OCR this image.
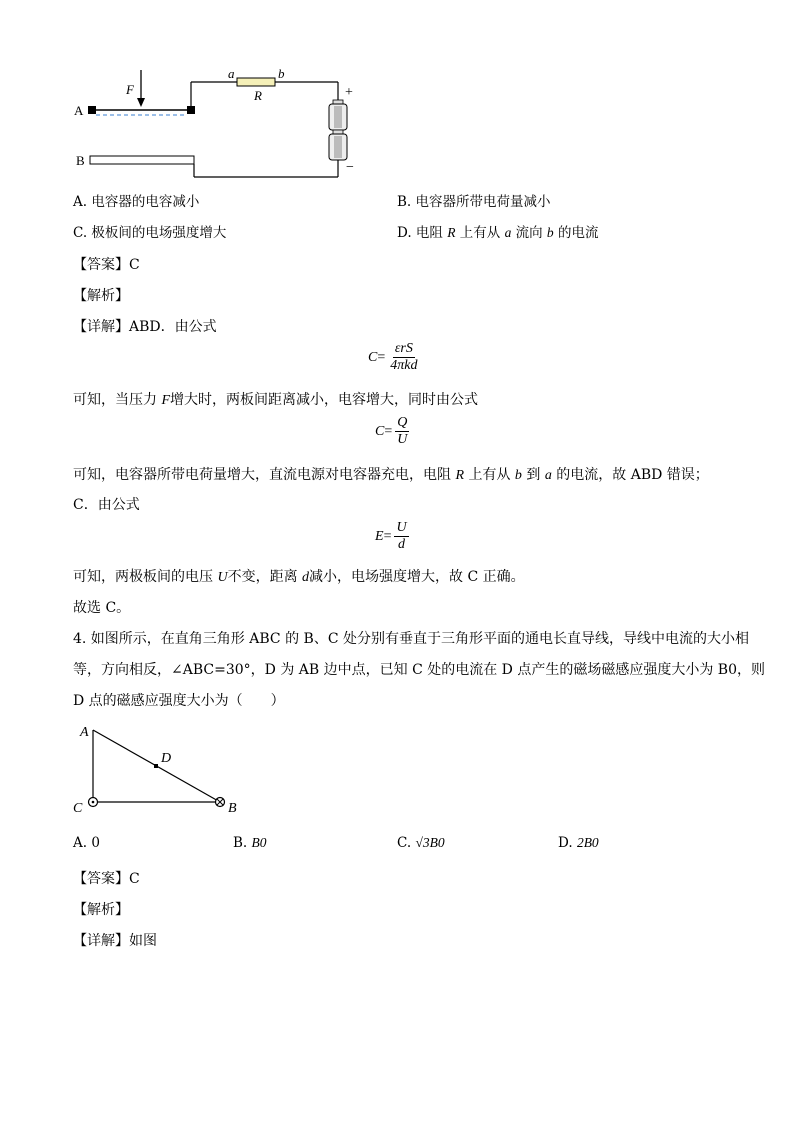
a	b
R
F
A
B
+
−
A. 电容器的电容减小	B. 电容器所带电荷量减小
C. 极板间的电场强度增大	D. 电阻 R 上有从 a 流向 b 的电流
【答案】C
【解析】
【详解】ABD．由公式
$C = \frac{\text{εrS}}{\text{4πkd}}$
可知，当压力 F增大时，两板间距离减小，电容增大，同时由公式
$C = \frac{Q}{U}$
可知，电容器所带电荷量增大，直流电源对电容器充电，电阻 R 上有从 b 到 a 的电流，故 ABD 错误；
C．由公式
$E = \frac{U}{d}$
可知，两极板间的电压 U不变，距离 d减小，电场强度增大，故 C 正确。
故选 C。
4. 如图所示，在直角三角形 ABC 的 B、C 处分别有垂直于三角形平面的通电长直导线，导线中电流的大小相
等，方向相反，∠ABC=30°，D 为 AB 边中点，已知 C 处的电流在 D 点产生的磁场磁感应强度大小为 B0，则
D 点的磁感应强度大小为（　　）
A
D
C	B
A. 0	B. B0	C. √3B0	D. 2B0
【答案】C
【解析】
【详解】如图
